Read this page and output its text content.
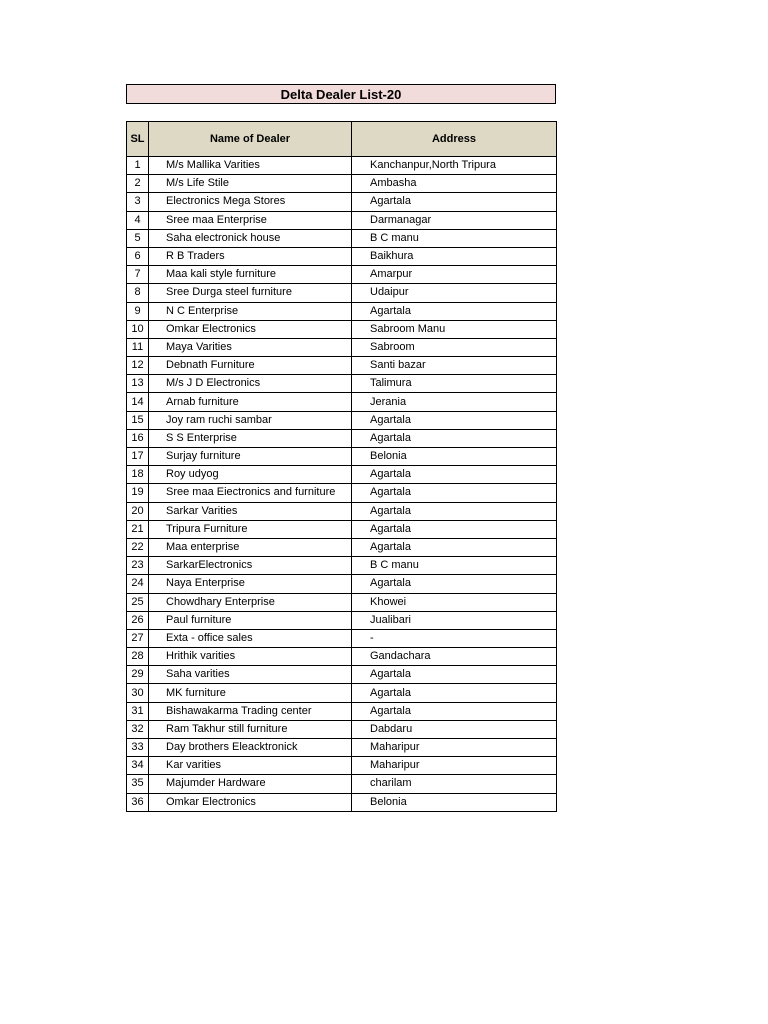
Delta Dealer List-20
SL	Name of Dealer	Address
1	M/s Mallika Varities	Kanchanpur,North Tripura
2	M/s Life Stile	Ambasha
3	Electronics Mega Stores	Agartala
4	Sree maa Enterprise	Darmanagar
5	Saha electronick house	B C manu
6	R B Traders	Baikhura
7	Maa kali style furniture	Amarpur
8	Sree Durga steel furniture	Udaipur
9	N C Enterprise	Agartala
10	Omkar Electronics	Sabroom Manu
11	Maya Varities	Sabroom
12	Debnath Furniture	Santi bazar
13	M/s J D Electronics	Talimura
14	Arnab furniture	Jerania
15	Joy ram ruchi sambar	Agartala
16	S S Enterprise	Agartala
17	Surjay furniture	Belonia
18	Roy udyog	Agartala
19	Sree maa Eiectronics and furniture	Agartala
20	Sarkar Varities	Agartala
21	Tripura Furniture	Agartala
22	Maa enterprise	Agartala
23	SarkarElectronics	B C manu
24	Naya Enterprise	Agartala
25	Chowdhary Enterprise	Khowei
26	Paul furniture	Jualibari
27	Exta - office sales	-
28	Hrithik varities	Gandachara
29	Saha varities	Agartala
30	MK furniture	Agartala
31	Bishawakarma Trading center	Agartala
32	Ram Takhur still furniture	Dabdaru
33	Day brothers Eleacktronick	Maharipur
34	Kar varities	Maharipur
35	Majumder Hardware	charilam
36	Omkar Electronics	Belonia
